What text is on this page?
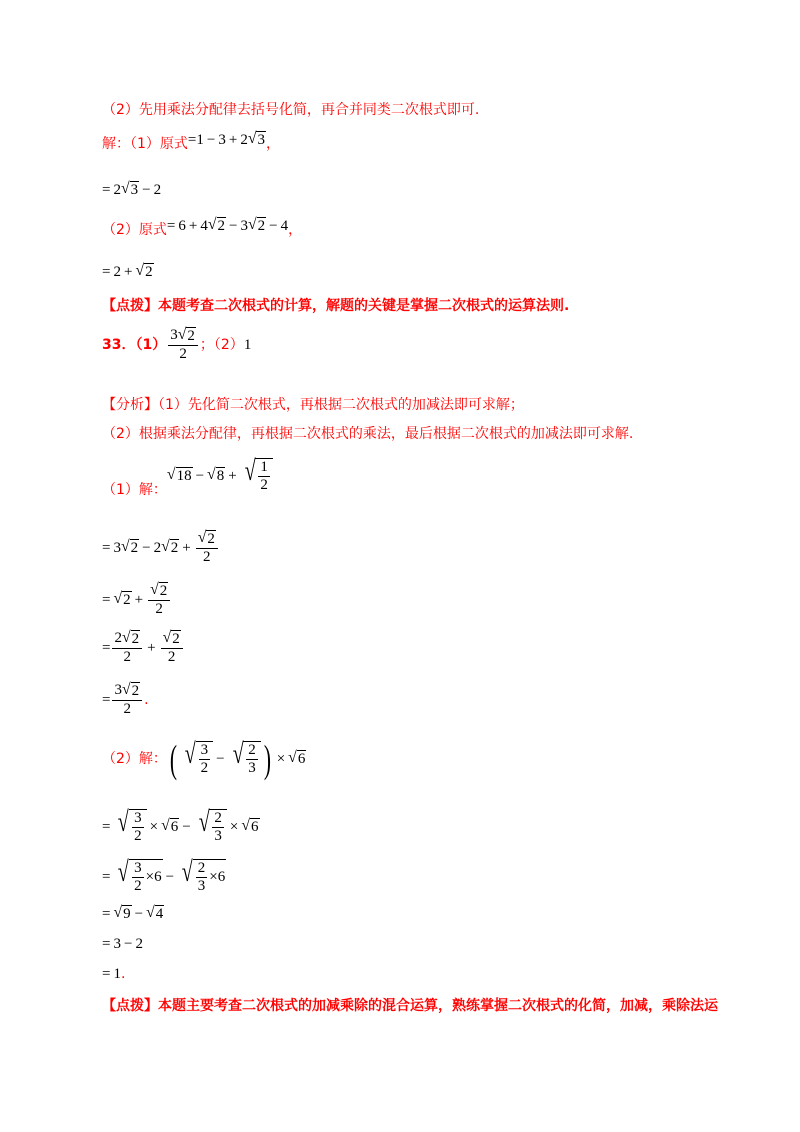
（2）先用乘法分配律去括号化简，再合并同类二次根式即可.
解：（1）原式 = 1 − 3 + 2 √ 3 ，
= 2 √ 3 − 2
（2）原式 = 6 + 4 √ 2 − 3 √ 2 − 4 ，
= 2 + √ 2
【点拨】本题考查二次根式的计算，解题的关键是掌握二次根式的运算法则.
33．$(1) \frac{3 √ 2}{2}$ ；（2） 1
【分析】（1）先化简二次根式，再根据二次根式的加减法即可求解；
（2）根据乘法分配律，再根据二次根式的乘法，最后根据二次根式的加减法即可求解.
（1）解：
√ 18 − √ 8 + √ $\frac{1}{2}$
= 3 √ 2 − 2 √ $2 + \frac{√ 2}{2}$
= √ $2 + \frac{√ 2}{2}$
= $\frac{2 √ 2}{2} + \frac{√ 2}{2}$
= $\frac{3 √ 2}{2}$ .
（2）解： ( √ $\frac{3}{2}$ − √ $\frac{2}{3}$ ) × √ 6
= √ $\frac{3}{2}$ × √ 6 − √ $\frac{2}{3}$ × √ 6
= √ $\frac{3}{2} \times 6$ − √ $\frac{2}{3} \times 6$
= √ 9 − √ 4
= 3 − 2
= 1 .
【点拨】本题主要考查二次根式的加减乘除的混合运算，熟练掌握二次根式的化简，加减，乘除法运
